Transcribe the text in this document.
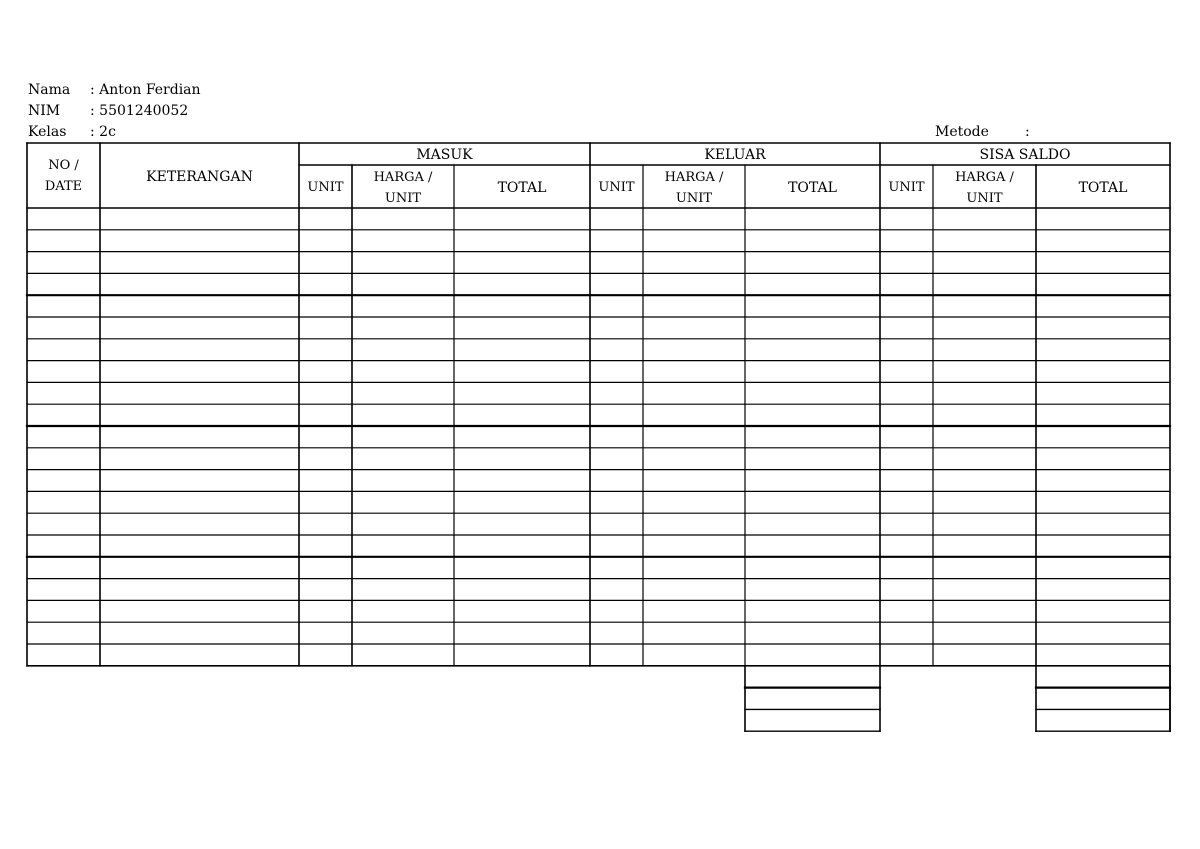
Nama : Anton Ferdian
NIM : 5501240052
Kelas : 2c	Metode	:
NO /
DATE
KETERANGAN
MASUK
UNIT
HARGA /
UNIT
TOTAL
KELUAR
UNIT
HARGA /
UNIT
TOTAL
SISA SALDO
UNIT
HARGA /
UNIT
TOTAL
